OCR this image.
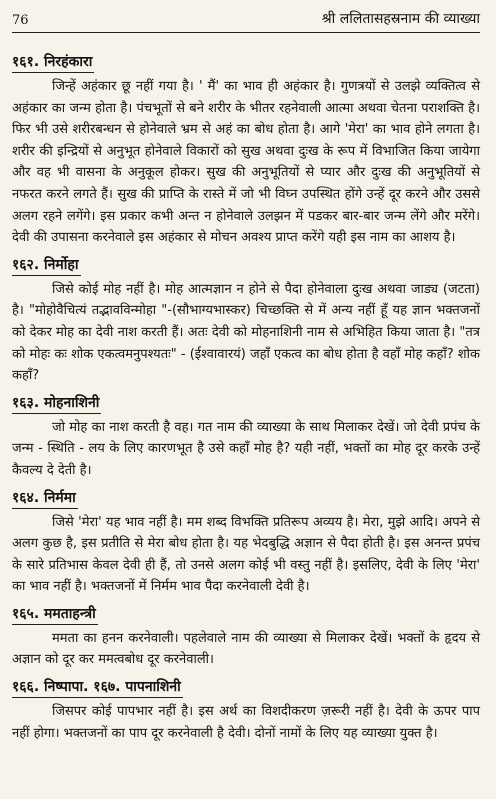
76	श्री ललितासहस्रनाम की व्याख्या
१६१. निरहंकारा

जिन्हें अहंकार छू नहीं गया है। ' मैं' का भाव ही अहंकार है। गुणत्रयों से उलझे व्यक्तित्व से अहंकार का जन्म होता है। पंचभूतों से बने शरीर के भीतर रहनेवाली आत्मा अथवा चेतना पराशक्ति है। फिर भी उसे शरीरबन्धन से होनेवाले भ्रम से अहं का बोध होता है। आगे 'मेरा' का भाव होने लगता है। शरीर की इन्द्रियों से अनुभूत होनेवाले विकारों को सुख अथवा दुःख के रूप में विभाजित किया जायेगा और वह भी वासना के अनुकूल होकर। सुख की अनुभूतियों से प्यार और दुःख की अनुभूतियों से नफरत करने लगते हैं। सुख की प्राप्ति के रास्ते में जो भी विघ्न उपस्थित होंगे उन्हें दूर करने और उससे अलग रहने लगेंगे। इस प्रकार कभी अन्त न होनेवाले उलझन में पडकर बार-बार जन्म लेंगे और मरेंगे। देवी की उपासना करनेवाले इस अहंकार से मोचन अवश्य प्राप्त करेंगे यही इस नाम का आशय है।

१६२. निर्मोहा

जिसे कोई मोह नहीं है। मोह आत्मज्ञान न होने से पैदा होनेवाला दुःख अथवा जाड्य (जटता) है। "मोहोवैचित्यं तद्भावविन्मोहा "-(सौभाग्यभास्कर) चिच्छक्ति से में अन्य नहीं हूँ यह ज्ञान भक्तजनों को देकर मोह का देवी नाश करती हैं। अतः देवी को मोहनाशिनी नाम से अभिहित किया जाता है। "तत्र को मोहः कः शोक एकत्वमनुपश्यतः" - (ईश्वावारयं) जहाँ एकत्व का बोध होता है वहाँ मोह कहाँ? शोक कहाँ?

१६३. मोहनाशिनी

जो मोह का नाश करती है वह। गत नाम की व्याख्या के साथ मिलाकर देखें। जो देवी प्रपंच के जन्म - स्थिति - लय के लिए कारणभूत है उसे कहाँ मोह है? यही नहीं, भक्तों का मोह दूर करके उन्हें कैवल्य दे देती है।

१६४. निर्ममा

जिसे 'मेरा' यह भाव नहीं है। मम शब्द विभक्ति प्रतिरूप अव्यय है। मेरा, मुझे आदि। अपने से अलग कुछ है, इस प्रतीति से मेरा बोध होता है। यह भेदबुद्धि अज्ञान से पैदा होती है। इस अनन्त प्रपंच के सारे प्रतिभास केवल देवी ही हैं, तो उनसे अलग कोई भी वस्तु नहीं है। इसलिए, देवी के लिए 'मेरा' का भाव नहीं है। भक्तजनों में निर्मम भाव पैदा करनेवाली देवी है।

१६५. ममताहन्त्री

ममता का हनन करनेवाली। पहलेवाले नाम की व्याख्या से मिलाकर देखें। भक्तों के हृदय से अज्ञान को दूर कर ममत्वबोध दूर करनेवाली।

१६६. निष्पापा. १६७. पापनाशिनी

जिसपर कोई पापभार नहीं है। इस अर्थ का विशदीकरण ज़रूरी नहीं है। देवी के ऊपर पाप नहीं होगा। भक्तजनों का पाप दूर करनेवाली है देवी। दोनों नामों के लिए यह व्याख्या युक्त है।
